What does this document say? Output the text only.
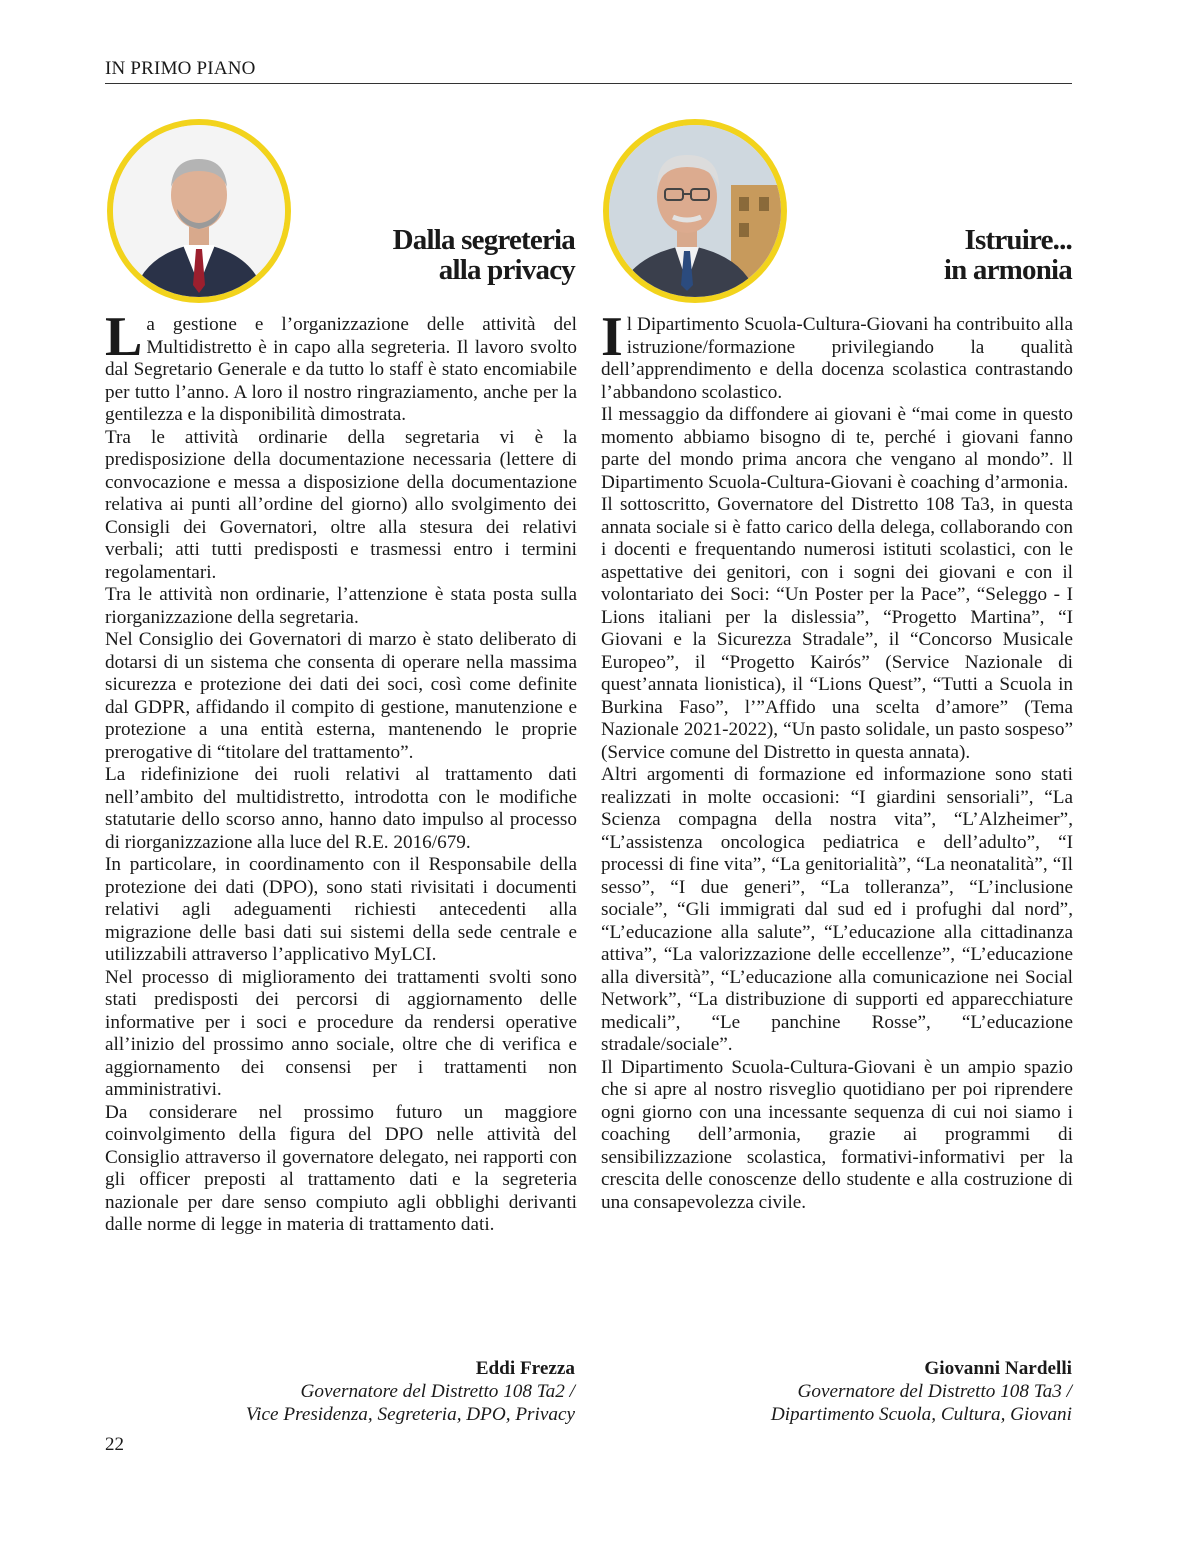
IN PRIMO PIANO
Dalla segreteria
alla privacy
Istruire...
in armonia

La gestione e l’organizzazione delle attività del Multidistretto è in capo alla segreteria. Il lavoro svolto dal Segretario Generale e da tutto lo staff è stato encomiabile per tutto l’anno. A loro il nostro ringraziamento, anche per la gentilezza e la disponibilità dimostrata.

Tra le attività ordinarie della segretaria vi è la predisposizione della documentazione necessaria (lettere di convocazione e messa a disposizione della documentazione relativa ai punti all’ordine del giorno) allo svolgimento dei Consigli dei Governatori, oltre alla stesura dei relativi verbali; atti tutti predisposti e trasmessi entro i termini regolamentari.

Tra le attività non ordinarie, l’attenzione è stata posta sulla riorganizzazione della segretaria.

Nel Consiglio dei Governatori di marzo è stato deliberato di dotarsi di un sistema che consenta di operare nella massima sicurezza e protezione dei dati dei soci, così come definite dal GDPR, affidando il compito di gestione, manutenzione e protezione a una entità esterna, mantenendo le proprie prerogative di “titolare del trattamento”.

La ridefinizione dei ruoli relativi al trattamento dati nell’ambito del multidistretto, introdotta con le modifiche statutarie dello scorso anno, hanno dato impulso al processo di riorganizzazione alla luce del R.E. 2016/679.

In particolare, in coordinamento con il Responsabile della protezione dei dati (DPO), sono stati rivisitati i documenti relativi agli adeguamenti richiesti antecedenti alla migrazione delle basi dati sui sistemi della sede centrale e utilizzabili attraverso l’applicativo MyLCI.

Nel processo di miglioramento dei trattamenti svolti sono stati predisposti dei percorsi di aggiornamento delle informative per i soci e procedure da rendersi operative all’inizio del prossimo anno sociale, oltre che di verifica e aggiornamento dei consensi per i trattamenti non amministrativi.

Da considerare nel prossimo futuro un maggiore coinvolgimento della figura del DPO nelle attività del Consiglio attraverso il governatore delegato, nei rapporti con gli officer preposti al trattamento dati e la segreteria nazionale per dare senso compiuto agli obblighi derivanti dalle norme di legge in materia di trattamento dati.

Il Dipartimento Scuola-Cultura-Giovani ha contribuito alla istruzione/formazione privilegiando la qualità dell’apprendimento e della docenza scolastica contrastando l’abbandono scolastico.

Il messaggio da diffondere ai giovani è “mai come in questo momento abbiamo bisogno di te, perché i giovani fanno parte del mondo prima ancora che vengano al mondo”. ll Dipartimento Scuola-Cultura-Giovani è coaching d’armonia.

Il sottoscritto, Governatore del Distretto 108 Ta3, in questa annata sociale si è fatto carico della delega, collaborando con i docenti e frequentando numerosi istituti scolastici, con le aspettative dei genitori, con i sogni dei giovani e con il volontariato dei Soci: “Un Poster per la Pace”, “Seleggo - I Lions italiani per la dislessia”, “Progetto Martina”, “I Giovani e la Sicurezza Stradale”, il “Concorso Musicale Europeo”, il “Progetto Kairós” (Service Nazionale di quest’annata lionistica), il “Lions Quest”, “Tutti a Scuola in Burkina Faso”, l’”Affido una scelta d’amore” (Tema Nazionale 2021-2022), “Un pasto solidale, un pasto sospeso” (Service comune del Distretto in questa annata).

Altri argomenti di formazione ed informazione sono stati realizzati in molte occasioni: “I giardini sensoriali”, “La Scienza compagna della nostra vita”, “L’Alzheimer”, “L’assistenza oncologica pediatrica e dell’adulto”, “I processi di fine vita”, “La genitorialità”, “La neonatalità”, “Il sesso”, “I due generi”, “La tolleranza”, “L’inclusione sociale”, “Gli immigrati dal sud ed i profughi dal nord”, “L’educazione alla salute”, “L’educazione alla cittadinanza attiva”, “La valorizzazione delle eccellenze”, “L’educazione alla diversità”, “L’educazione alla comunicazione nei Social Network”, “La distribuzione di supporti ed apparecchiature medicali”, “Le panchine Rosse”, “L’educazione stradale/sociale”.

Il Dipartimento Scuola-Cultura-Giovani è un ampio spazio che si apre al nostro risveglio quotidiano per poi riprendere ogni giorno con una incessante sequenza di cui noi siamo i coaching dell’armonia, grazie ai programmi di sensibilizzazione scolastica, formativi-informativi per la crescita delle conoscenze dello studente e alla costruzione di una consapevolezza civile.

Eddi Frezza
Governatore del Distretto 108 Ta2 /
Vice Presidenza, Segreteria, DPO, Privacy
Giovanni Nardelli
Governatore del Distretto 108 Ta3 /
Dipartimento Scuola, Cultura, Giovani
22
